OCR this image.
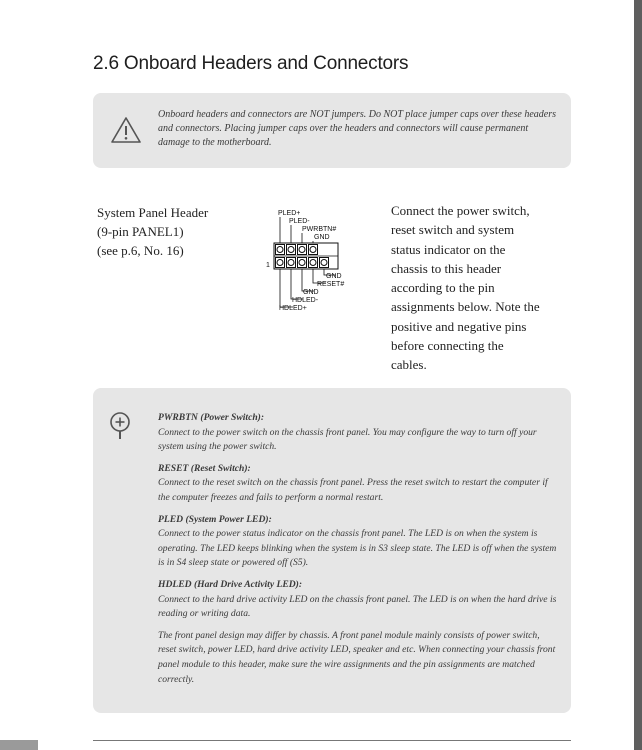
2.6 Onboard Headers and Connectors
Onboard headers and connectors are NOT jumpers. Do NOT place jumper caps over these headers and connectors. Placing jumper caps over the headers and connectors will cause permanent damage to the motherboard.
System Panel Header
(9-pin PANEL1)
(see p.6, No. 16)
PLED+
PLED-
PWRBTN#
GND
1
GND
RESET#
GND
HDLED-
HDLED+
Connect the power switch, reset switch and system status indicator on the chassis to this header according to the pin assignments below. Note the positive and negative pins before connecting the cables.
PWRBTN (Power Switch):
Connect to the power switch on the chassis front panel. You may configure the way to turn off your system using the power switch.
RESET (Reset Switch):
Connect to the reset switch on the chassis front panel. Press the reset switch to restart the computer if the computer freezes and fails to perform a normal restart.
PLED (System Power LED):
Connect to the power status indicator on the chassis front panel. The LED is on when the system is operating. The LED keeps blinking when the system is in S3 sleep state. The LED is off when the system is in S4 sleep state or powered off (S5).
HDLED (Hard Drive Activity LED):
Connect to the hard drive activity LED on the chassis front panel. The LED is on when the hard drive is reading or writing data.
The front panel design may differ by chassis. A front panel module mainly consists of power switch, reset switch, power LED, hard drive activity LED, speaker and etc. When connecting your chassis front panel module to this header, make sure the wire assignments and the pin assignments are matched correctly.
